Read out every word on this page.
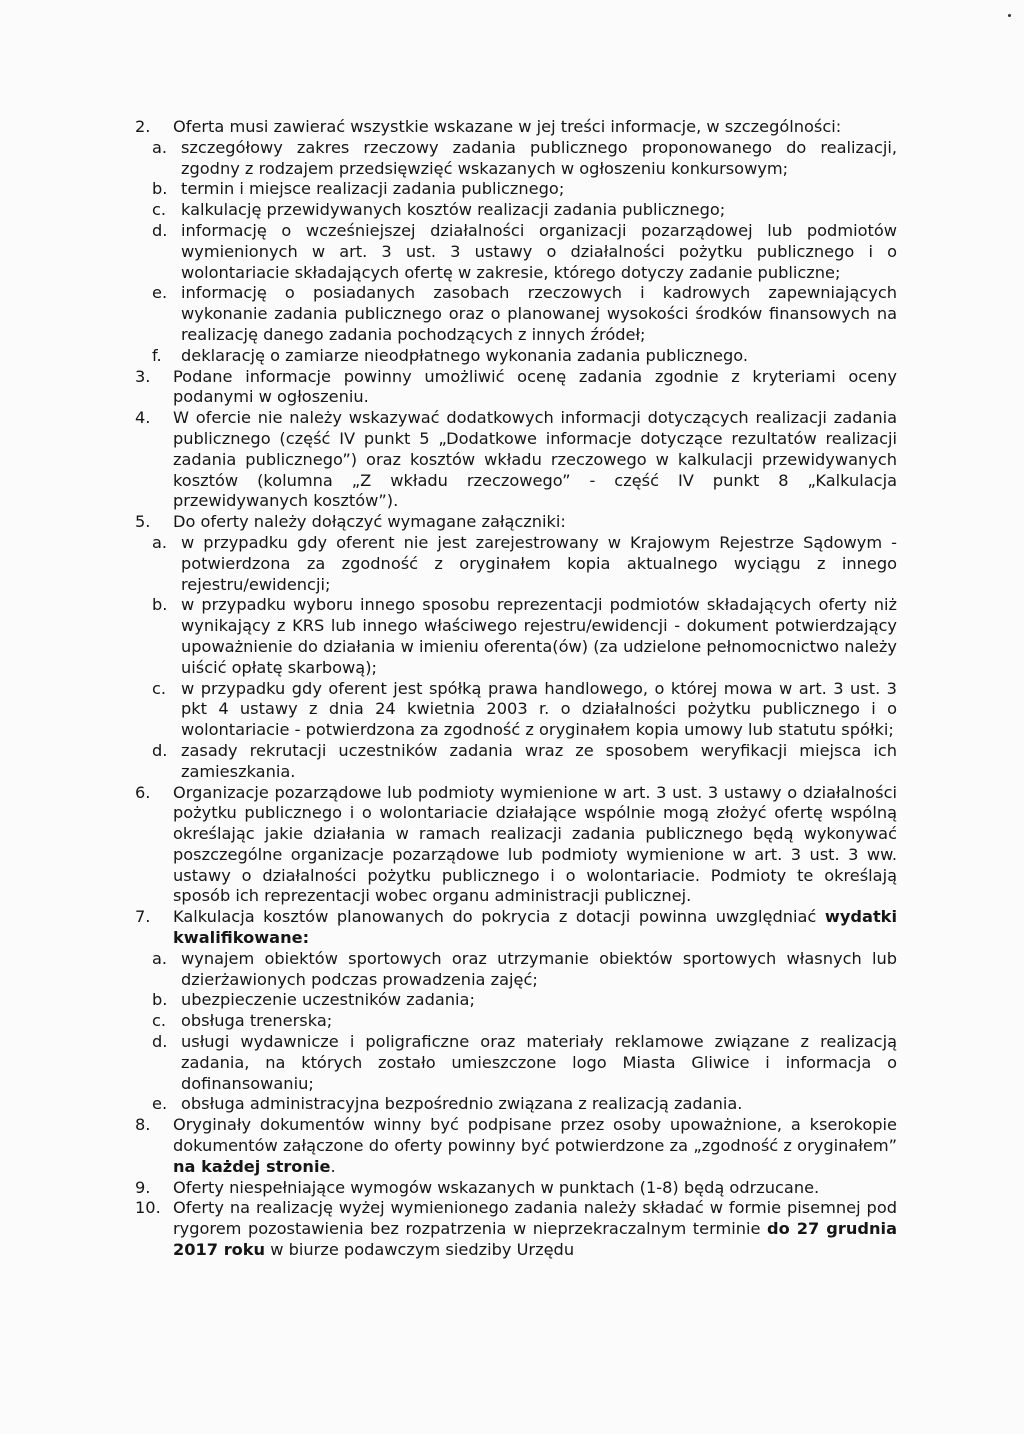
2. Oferta musi zawierać wszystkie wskazane w jej treści informacje, w szczególności:
a. szczegółowy zakres rzeczowy zadania publicznego proponowanego do realizacji, zgodny z rodzajem przedsięwzięć wskazanych w ogłoszeniu konkursowym;
b. termin i miejsce realizacji zadania publicznego;
c. kalkulację przewidywanych kosztów realizacji zadania publicznego;
d. informację o wcześniejszej działalności organizacji pozarządowej lub podmiotów wymienionych w art. 3 ust. 3 ustawy o działalności pożytku publicznego i o wolontariacie składających ofertę w zakresie, którego dotyczy zadanie publiczne;
e. informację o posiadanych zasobach rzeczowych i kadrowych zapewniających wykonanie zadania publicznego oraz o planowanej wysokości środków finansowych na realizację danego zadania pochodzących z innych źródeł;
f. deklarację o zamiarze nieodpłatnego wykonania zadania publicznego.
3. Podane informacje powinny umożliwić ocenę zadania zgodnie z kryteriami oceny podanymi w ogłoszeniu.
4. W ofercie nie należy wskazywać dodatkowych informacji dotyczących realizacji zadania publicznego (część IV punkt 5 „Dodatkowe informacje dotyczące rezultatów realizacji zadania publicznego”) oraz kosztów wkładu rzeczowego w kalkulacji przewidywanych kosztów (kolumna „Z wkładu rzeczowego” - część IV punkt 8 „Kalkulacja przewidywanych kosztów”).
5. Do oferty należy dołączyć wymagane załączniki:
a. w przypadku gdy oferent nie jest zarejestrowany w Krajowym Rejestrze Sądowym - potwierdzona za zgodność z oryginałem kopia aktualnego wyciągu z innego rejestru/ewidencji;
b. w przypadku wyboru innego sposobu reprezentacji podmiotów składających oferty niż wynikający z KRS lub innego właściwego rejestru/ewidencji - dokument potwierdzający upoważnienie do działania w imieniu oferenta(ów) (za udzielone pełnomocnictwo należy uiścić opłatę skarbową);
c. w przypadku gdy oferent jest spółką prawa handlowego, o której mowa w art. 3 ust. 3 pkt 4 ustawy z dnia 24 kwietnia 2003 r. o działalności pożytku publicznego i o wolontariacie - potwierdzona za zgodność z oryginałem kopia umowy lub statutu spółki;
d. zasady rekrutacji uczestników zadania wraz ze sposobem weryfikacji miejsca ich zamieszkania.
6. Organizacje pozarządowe lub podmioty wymienione w art. 3 ust. 3 ustawy o działalności pożytku publicznego i o wolontariacie działające wspólnie mogą złożyć ofertę wspólną określając jakie działania w ramach realizacji zadania publicznego będą wykonywać poszczególne organizacje pozarządowe lub podmioty wymienione w art. 3 ust. 3 ww. ustawy o działalności pożytku publicznego i o wolontariacie. Podmioty te określają sposób ich reprezentacji wobec organu administracji publicznej.
7. Kalkulacja kosztów planowanych do pokrycia z dotacji powinna uwzględniać wydatki kwalifikowane:
a. wynajem obiektów sportowych oraz utrzymanie obiektów sportowych własnych lub dzierżawionych podczas prowadzenia zajęć;
b. ubezpieczenie uczestników zadania;
c. obsługa trenerska;
d. usługi wydawnicze i poligraficzne oraz materiały reklamowe związane z realizacją zadania, na których zostało umieszczone logo Miasta Gliwice i informacja o dofinansowaniu;
e. obsługa administracyjna bezpośrednio związana z realizacją zadania.
8. Oryginały dokumentów winny być podpisane przez osoby upoważnione, a kserokopie dokumentów załączone do oferty powinny być potwierdzone za „zgodność z oryginałem” na każdej stronie.
9. Oferty niespełniające wymogów wskazanych w punktach (1-8) będą odrzucane.
10. Oferty na realizację wyżej wymienionego zadania należy składać w formie pisemnej pod rygorem pozostawienia bez rozpatrzenia w nieprzekraczalnym terminie do 27 grudnia 2017 roku w biurze podawczym siedziby Urzędu
